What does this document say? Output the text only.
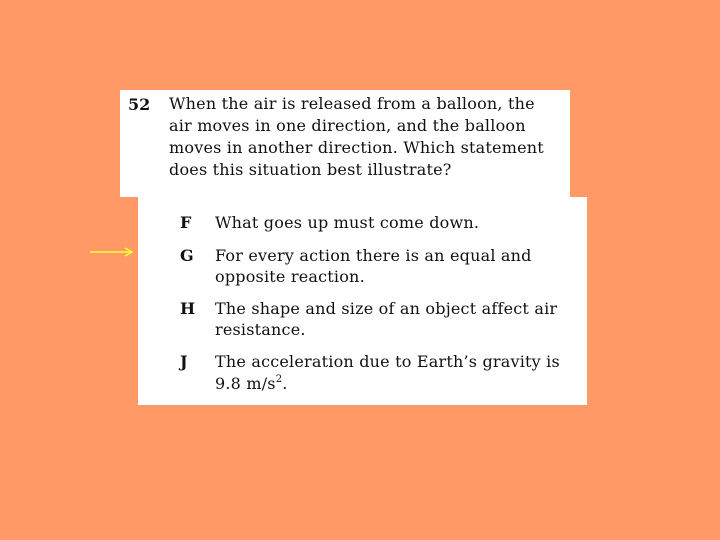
52 When the air is released from a balloon, the
air moves in one direction, and the balloon
moves in another direction. Which statement
does this situation best illustrate?
F What goes up must come down.
G For every action there is an equal and
opposite reaction.
H The shape and size of an object affect air
resistance.
J The acceleration due to Earth’s gravity is
9.8 $m/s^2$.
